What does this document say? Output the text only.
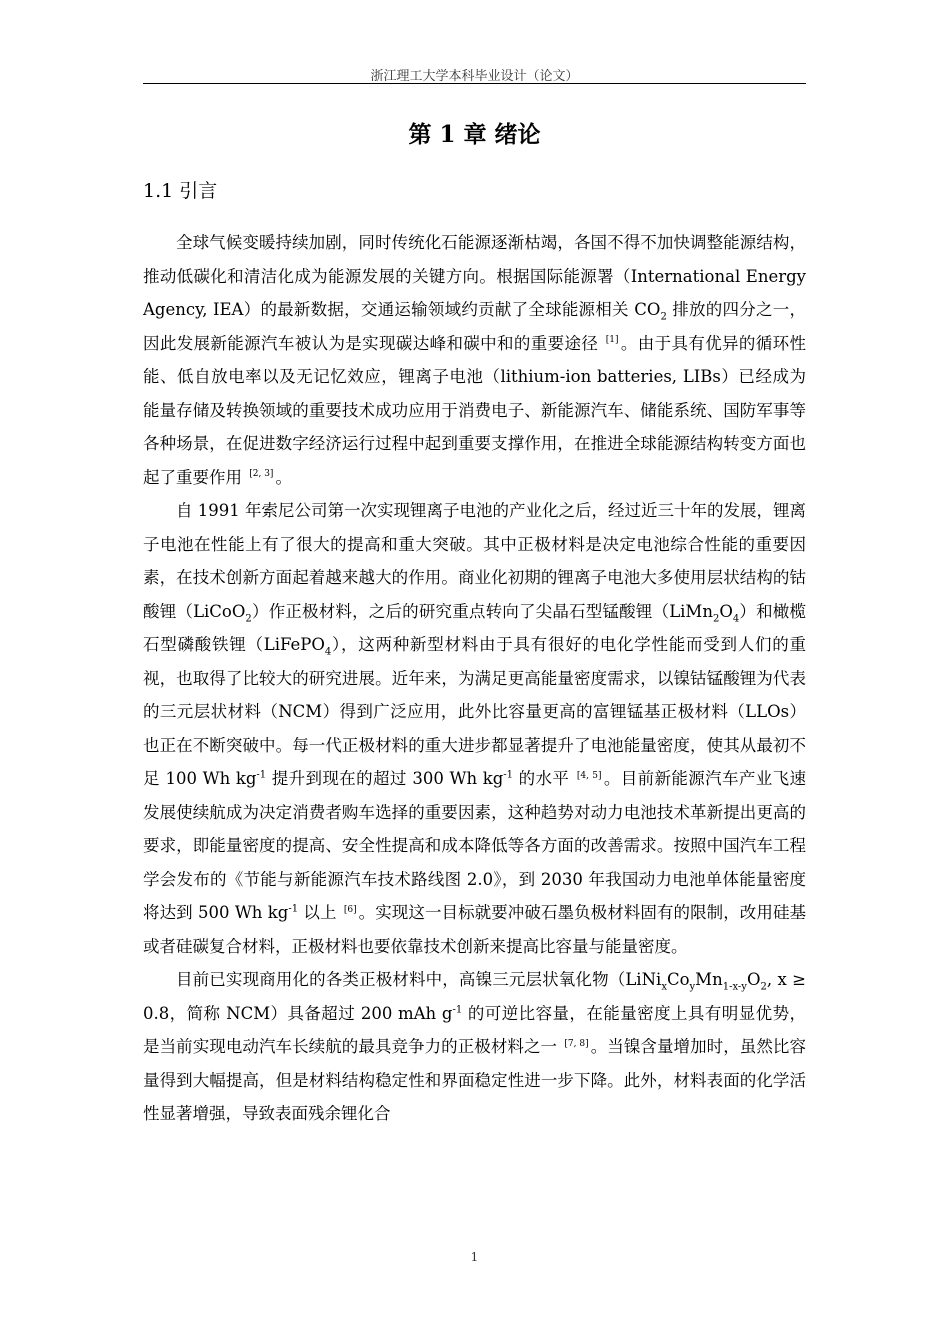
浙江理工大学本科毕业设计（论文）
第 1 章 绪论
1.1 引言

全球气候变暖持续加剧，同时传统化石能源逐渐枯竭，各国不得不加快调整能源结构，推动低碳化和清洁化成为能源发展的关键方向。根据国际能源署（International Energy Agency, IEA）的最新数据，交通运输领域约贡献了全球能源相关 $CO_2$ 排放的四分之一，因此发展新能源汽车被认为是实现碳达峰和碳中和的重要途径 [1] 。由于具有优异的循环性能、低自放电率以及无记忆效应，锂离子电池（lithium-ion batteries, LIBs）已经成为能量存储及转换领域的重要技术成功应用于消费电子、新能源汽车、储能系统、国防军事等各种场景，在促进数字经济运行过程中起到重要支撑作用，在推进全球能源结构转变方面也起了重要作用 [2, 3] 。

自 1991 年索尼公司第一次实现锂离子电池的产业化之后，经过近三十年的发展，锂离子电池在性能上有了很大的提高和重大突破。其中正极材料是决定电池综合性能的重要因素，在技术创新方面起着越来越大的作用。商业化初期的锂离子电池大多使用层状结构的钴酸锂（LiCoO$_2$）作正极材料，之后的研究重点转向了尖晶石型锰酸锂$(LiMn_2O_4)$和橄榄石型磷酸铁锂（LiFePO$_4$），这两种新型材料由于具有很好的电化学性能而受到人们的重视，也取得了比较大的研究进展。近年来，为满足更高能量密度需求，以镍钴锰酸锂为代表的三元层状材料（NCM）得到广泛应用，此外比容量更高的富锂锰基正极材料（LLOs）也正在不断突破中。每一代正极材料的重大进步都显著提升了电池能量密度，使其从最初不足 100 Wh $kg^{-1}$ 提升到现在的超过 300 Wh $kg^{-1}$ 的水平 [4, 5] 。目前新能源汽车产业飞速发展使续航成为决定消费者购车选择的重要因素，这种趋势对动力电池技术革新提出更高的要求，即能量密度的提高、安全性提高和成本降低等各方面的改善需求。按照中国汽车工程学会发布的《节能与新能源汽车技术路线图 2.0》，到 2030 年我国动力电池单体能量密度将达到 500 Wh $kg^{-1}$ 以上 [6] 。实现这一目标就要冲破石墨负极材料固有的限制，改用硅基或者硅碳复合材料，正极材料也要依靠技术创新来提高比容量与能量密度。

目前已实现商用化的各类正极材料中，高镍三元层状氧化物（$LiNi_xCo_yMn_{1-x-y}O_2$, x ≥ 0.8，简称 NCM）具备超过 200 mAh $g^{-1}$ 的可逆比容量，在能量密度上具有明显优势，是当前实现电动汽车长续航的最具竞争力的正极材料之一 [7, 8] 。当镍含量增加时，虽然比容量得到大幅提高，但是材料结构稳定性和界面稳定性进一步下降。此外，材料表面的化学活性显著增强，导致表面残余锂化合

1
